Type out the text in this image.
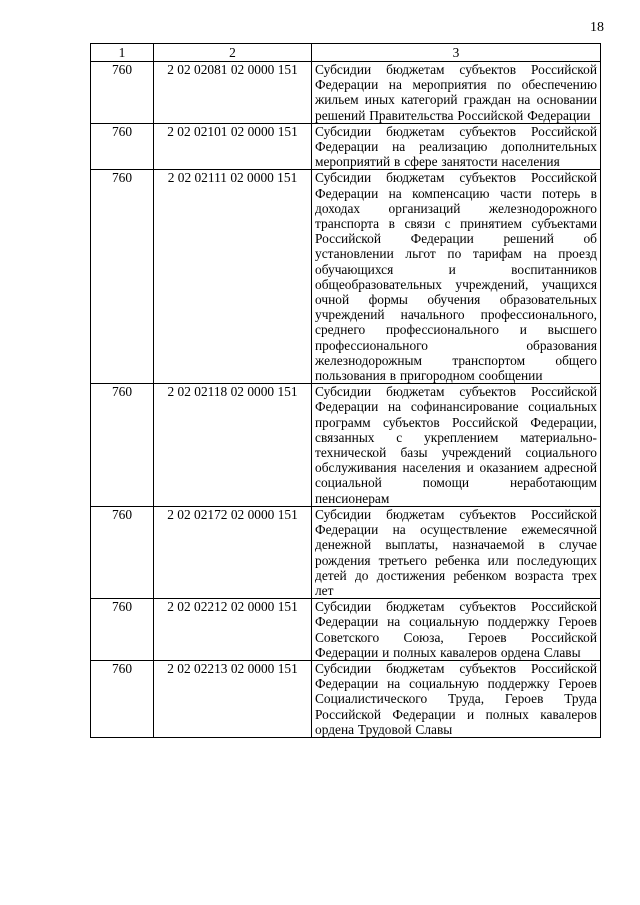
18
1	2	3
760	2 02 02081 02 0000 151	Субсидии бюджетам субъектов Российской Федерации на мероприятия по обеспечению жильем иных категорий граждан на основании решений Правительства Российской Федерации
760	2 02 02101 02 0000 151	Субсидии бюджетам субъектов Российской Федерации на реализацию дополнительных мероприятий в сфере занятости населения
760	2 02 02111 02 0000 151	Субсидии бюджетам субъектов Российской Федерации на компенсацию части потерь в доходах организаций железнодорожного транспорта в связи с принятием субъектами Российской Федерации решений об установлении льгот по тарифам на проезд обучающихся и воспитанников общеобразовательных учреждений, учащихся очной формы обучения образовательных учреждений начального профессионального, среднего профессионального и высшего профессионального образования железнодорожным транспортом общего пользования в пригородном сообщении
760	2 02 02118 02 0000 151	Субсидии бюджетам субъектов Российской Федерации на софинансирование социальных программ субъектов Российской Федерации, связанных с укреплением материально-технической базы учреждений социального обслуживания населения и оказанием адресной социальной помощи неработающим пенсионерам
760	2 02 02172 02 0000 151	Субсидии бюджетам субъектов Российской Федерации на осуществление ежемесячной денежной выплаты, назначаемой в случае рождения третьего ребенка или последующих детей до достижения ребенком возраста трех лет
760	2 02 02212 02 0000 151	Субсидии бюджетам субъектов Российской Федерации на социальную поддержку Героев Советского Союза, Героев Российской Федерации и полных кавалеров ордена Славы
760	2 02 02213 02 0000 151	Субсидии бюджетам субъектов Российской Федерации на социальную поддержку Героев Социалистического Труда, Героев Труда Российской Федерации и полных кавалеров ордена Трудовой Славы
